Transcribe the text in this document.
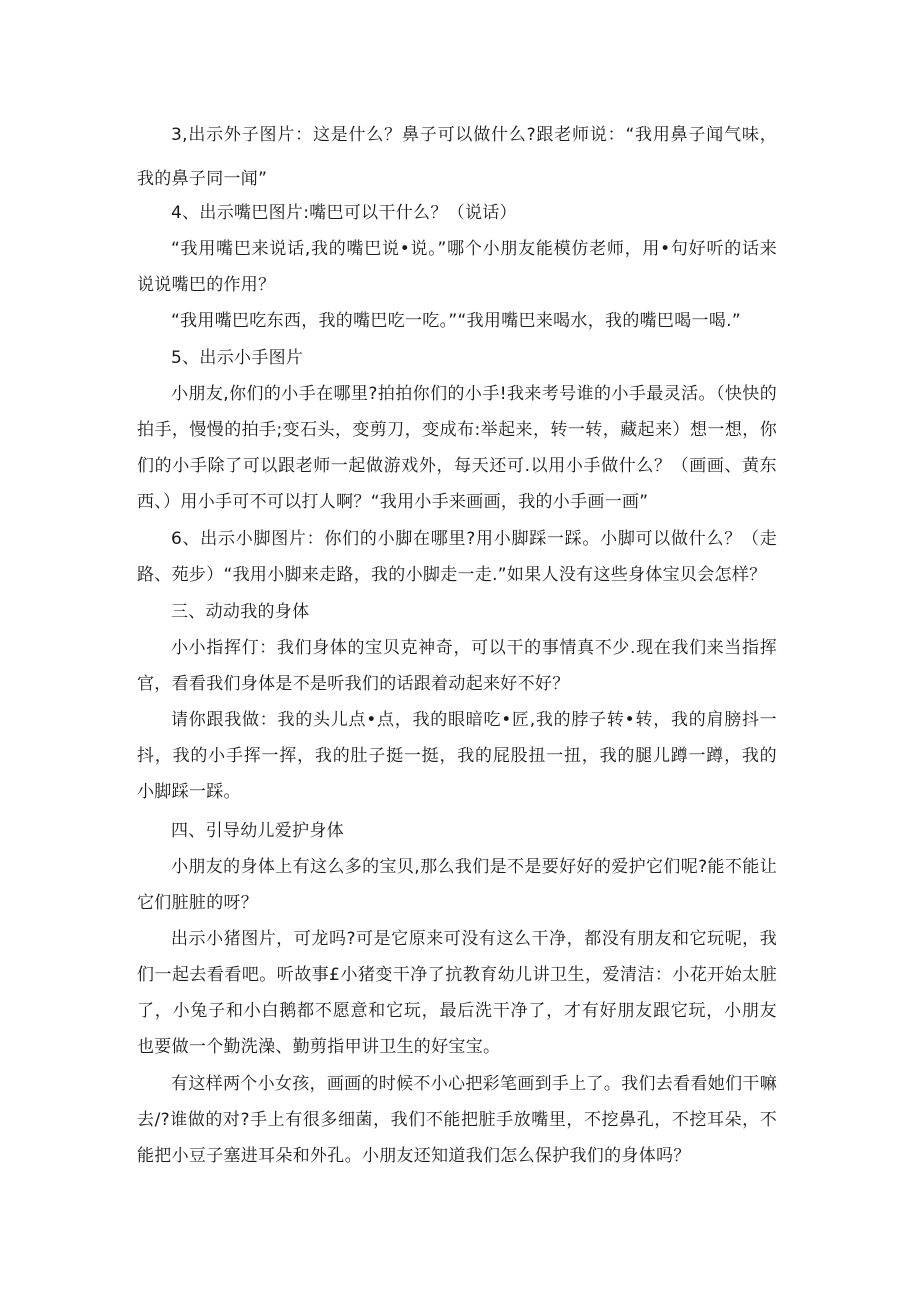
3,出示外子图片：这是什么？鼻子可以做什么?跟老师说：“我用鼻子闻气味，我的鼻子同一闻”

4、出示嘴巴图片:嘴巴可以干什么？（说话）

“我用嘴巴来说话,我的嘴巴说•说。”哪个小朋友能模仿老师，用•句好听的话来说说嘴巴的作用？

“我用嘴巴吃东西，我的嘴巴吃一吃。”“我用嘴巴来喝水，我的嘴巴喝一喝.”

5、出示小手图片

小朋友,你们的小手在哪里?拍拍你们的小手!我来考号谁的小手最灵活。（快快的拍手，慢慢的拍手;变石头，变剪刀，变成布:举起来，转一转，藏起来）想一想，你们的小手除了可以跟老师一起做游戏外，每天还可.以用小手做什么？（画画、黄东西、）用小手可不可以打人啊？“我用小手来画画，我的小手画一画”

6、出示小脚图片：你们的小脚在哪里?用小脚踩一踩。小脚可以做什么？（走路、苑步）“我用小脚来走路，我的小脚走一走.”如果人没有这些身体宝贝会怎样？

三、动动我的身体

小小指挥仃：我们身体的宝贝克神奇，可以干的事情真不少.现在我们来当指挥官，看看我们身体是不是听我们的话跟着动起来好不好？

请你跟我做：我的头儿点•点，我的眼暗吃•匠,我的脖子转•转，我的肩膀抖一抖，我的小手挥一挥，我的肚子挺一挺，我的屁股扭一扭，我的腿儿蹲一蹲，我的小脚踩一踩。

四、引导幼儿爱护身体

小朋友的身体上有这么多的宝贝,那么我们是不是要好好的爱护它们呢?能不能让它们脏脏的呀？

出示小猪图片，可龙吗?可是它原来可没有这么干净，都没有朋友和它玩呢，我们一起去看看吧。听故事£小猪变干净了抗教育幼儿讲卫生，爱清洁：小花开始太脏了，小兔子和小白鹅都不愿意和它玩，最后洗干净了，才有好朋友跟它玩，小朋友也要做一个勤洗澡、勤剪指甲讲卫生的好宝宝。

有这样两个小女孩，画画的时候不小心把彩笔画到手上了。我们去看看她们干嘛去/?谁做的对?手上有很多细菌，我们不能把脏手放嘴里，不挖鼻孔，不挖耳朵，不能把小豆子塞进耳朵和外孔。小朋友还知道我们怎么保护我们的身体吗？
